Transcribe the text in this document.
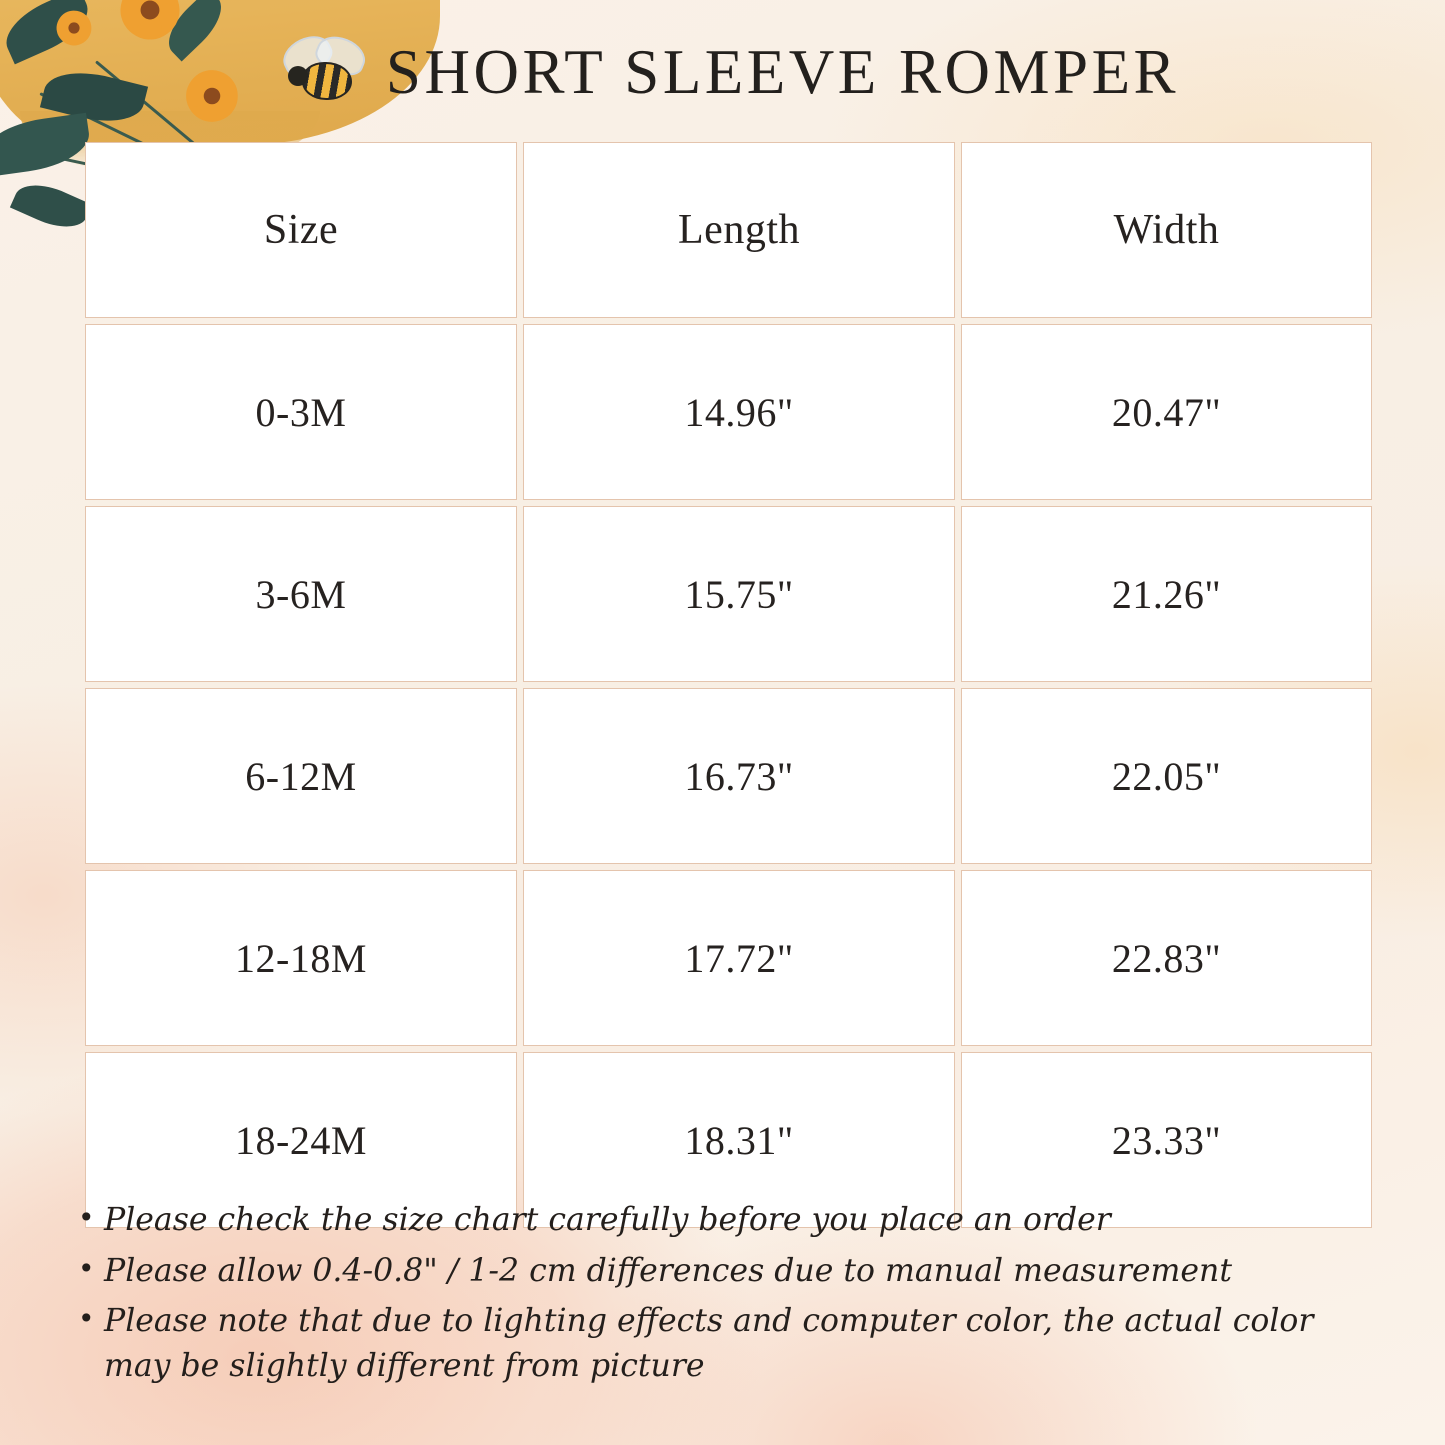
SHORT SLEEVE ROMPER
Size	Length	Width
0-3M	14.96"	20.47"
3-6M	15.75"	21.26"
6-12M	16.73"	22.05"
12-18M	17.72"	22.83"
18-24M	18.31"	23.33"
• Please check the size chart carefully before you place an order
• Please allow 0.4-0.8" / 1-2 cm differences due to manual measurement
• Please note that due to lighting effects and computer color, the actual color may be slightly different from picture
